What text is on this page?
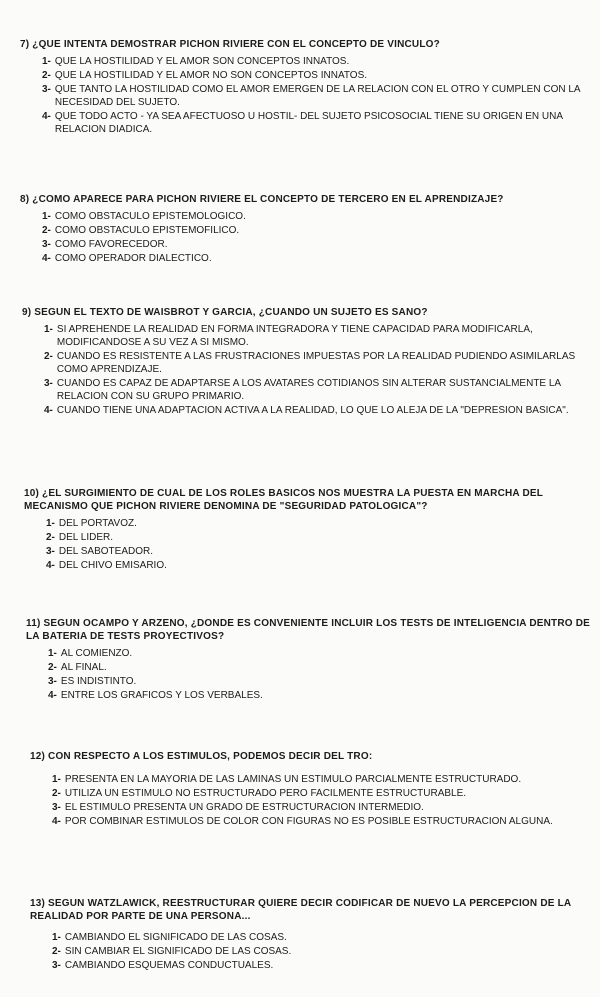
7) ¿QUE INTENTA DEMOSTRAR PICHON RIVIERE CON EL CONCEPTO DE VINCULO?
1- QUE LA HOSTILIDAD Y EL AMOR SON CONCEPTOS INNATOS.
2- QUE LA HOSTILIDAD Y EL AMOR NO SON CONCEPTOS INNATOS.
3- QUE TANTO LA HOSTILIDAD COMO EL AMOR EMERGEN DE LA RELACION CON EL OTRO Y CUMPLEN CON LA NECESIDAD DEL SUJETO.
4- QUE TODO ACTO - YA SEA AFECTUOSO U HOSTIL- DEL SUJETO PSICOSOCIAL TIENE SU ORIGEN EN UNA RELACION DIADICA.
8) ¿COMO APARECE PARA PICHON RIVIERE EL CONCEPTO DE TERCERO EN EL APRENDIZAJE?
1- COMO OBSTACULO EPISTEMOLOGICO.
2- COMO OBSTACULO EPISTEMOFILICO.
3- COMO FAVORECEDOR.
4- COMO OPERADOR DIALECTICO.
9) SEGUN EL TEXTO DE WAISBROT Y GARCIA, ¿CUANDO UN SUJETO ES SANO?
1- SI APREHENDE LA REALIDAD EN FORMA INTEGRADORA Y TIENE CAPACIDAD PARA MODIFICARLA, MODIFICANDOSE A SU VEZ A SI MISMO.
2- CUANDO ES RESISTENTE A LAS FRUSTRACIONES IMPUESTAS POR LA REALIDAD PUDIENDO ASIMILARLAS COMO APRENDIZAJE.
3- CUANDO ES CAPAZ DE ADAPTARSE A LOS AVATARES COTIDIANOS SIN ALTERAR SUSTANCIALMENTE LA RELACION CON SU GRUPO PRIMARIO.
4- CUANDO TIENE UNA ADAPTACION ACTIVA A LA REALIDAD, LO QUE LO ALEJA DE LA "DEPRESION BASICA".
10) ¿EL SURGIMIENTO DE CUAL DE LOS ROLES BASICOS NOS MUESTRA LA PUESTA EN MARCHA DEL MECANISMO QUE PICHON RIVIERE DENOMINA DE "SEGURIDAD PATOLOGICA"?
1- DEL PORTAVOZ.
2- DEL LIDER.
3- DEL SABOTEADOR.
4- DEL CHIVO EMISARIO.
11) SEGUN OCAMPO Y ARZENO, ¿DONDE ES CONVENIENTE INCLUIR LOS TESTS DE INTELIGENCIA DENTRO DE LA BATERIA DE TESTS PROYECTIVOS?
1- AL COMIENZO.
2- AL FINAL.
3- ES INDISTINTO.
4- ENTRE LOS GRAFICOS Y LOS VERBALES.
12) CON RESPECTO A LOS ESTIMULOS, PODEMOS DECIR DEL TRO:
1- PRESENTA EN LA MAYORIA DE LAS LAMINAS UN ESTIMULO PARCIALMENTE ESTRUCTURADO.
2- UTILIZA UN ESTIMULO NO ESTRUCTURADO PERO FACILMENTE ESTRUCTURABLE.
3- EL ESTIMULO PRESENTA UN GRADO DE ESTRUCTURACION INTERMEDIO.
4- POR COMBINAR ESTIMULOS DE COLOR CON FIGURAS NO ES POSIBLE ESTRUCTURACION ALGUNA.
13) SEGUN WATZLAWICK, REESTRUCTURAR QUIERE DECIR CODIFICAR DE NUEVO LA PERCEPCION DE LA REALIDAD POR PARTE DE UNA PERSONA...
1- CAMBIANDO EL SIGNIFICADO DE LAS COSAS.
2- SIN CAMBIAR EL SIGNIFICADO DE LAS COSAS.
3- CAMBIANDO ESQUEMAS CONDUCTUALES.
